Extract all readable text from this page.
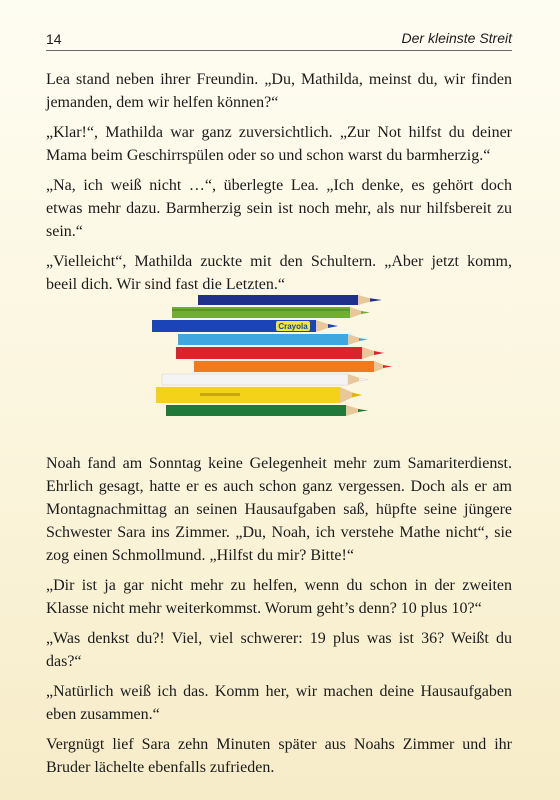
14	Der kleinste Streit

Lea stand neben ihrer Freundin. „Du, Mathilda, meinst du, wir finden jemanden, dem wir helfen können?“

„Klar!“, Mathilda war ganz zuversichtlich. „Zur Not hilfst du deiner Mama beim Geschirrspülen oder so und schon warst du barmherzig.“

„Na, ich weiß nicht …“, überlegte Lea. „Ich denke, es gehört doch etwas mehr dazu. Barmherzig sein ist noch mehr, als nur hilfsbereit zu sein.“

„Vielleicht“, Mathilda zuckte mit den Schultern. „Aber jetzt komm, beeil dich. Wir sind fast die Letzten.“

Crayola

Noah fand am Sonntag keine Gelegenheit mehr zum Samariterdienst. Ehrlich gesagt, hatte er es auch schon ganz vergessen. Doch als er am Montagnachmittag an seinen Hausaufgaben saß, hüpfte seine jüngere Schwester Sara ins Zimmer. „Du, Noah, ich verstehe Mathe nicht“, sie zog einen Schmollmund. „Hilfst du mir? Bitte!“

„Dir ist ja gar nicht mehr zu helfen, wenn du schon in der zweiten Klasse nicht mehr weiterkommst. Worum geht’s denn? 10 plus 10?“

„Was denkst du?! Viel, viel schwerer: 19 plus was ist 36? Weißt du das?“

„Natürlich weiß ich das. Komm her, wir machen deine Hausaufgaben eben zusammen.“

Vergnügt lief Sara zehn Minuten später aus Noahs Zimmer und ihr Bruder lächelte ebenfalls zufrieden.
